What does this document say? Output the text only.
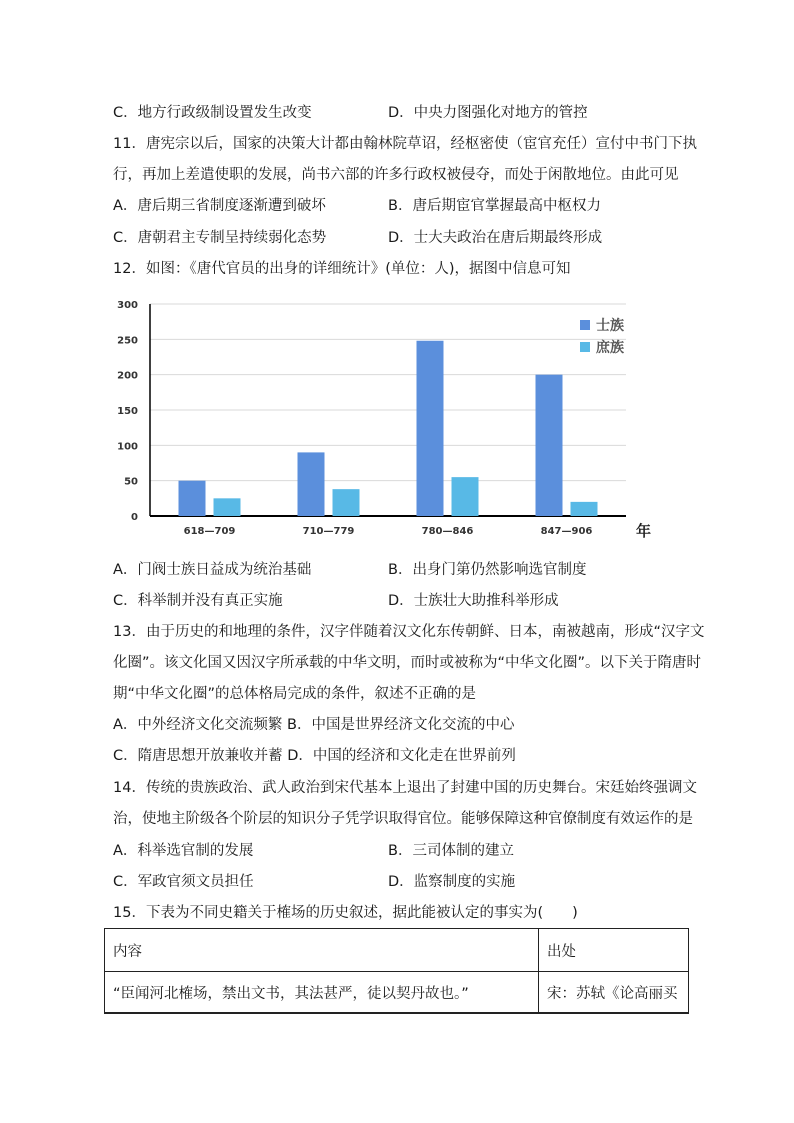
C．地方行政级制设置发生改变	D．中央力图强化对地方的管控
11．唐宪宗以后，国家的决策大计都由翰林院草诏，经枢密使（宦官充任）宣付中书门下执
行，再加上差遣使职的发展，尚书六部的许多行政权被侵夺，而处于闲散地位。由此可见
A．唐后期三省制度逐渐遭到破坏	B．唐后期宦官掌握最高中枢权力
C．唐朝君主专制呈持续弱化态势	D．士大夫政治在唐后期最终形成
12．如图：《唐代官员的出身的详细统计》(单位：人)，据图中信息可知
0
50
100
150
200
250
300
618—709	710—779	780—846	847—906
士族
庶族
年
A．门阀士族日益成为统治基础	B．出身门第仍然影响选官制度
C．科举制并没有真正实施	D．士族壮大助推科举形成
13．由于历史的和地理的条件，汉字伴随着汉文化东传朝鲜、日本，南被越南，形成“汉字文
化圈”。该文化国又因汉字所承载的中华文明，而时或被称为“中华文化圈”。以下关于隋唐时
期“中华文化圈”的总体格局完成的条件，叙述不正确的是
A．中外经济文化交流频繁 B．中国是世界经济文化交流的中心
C．隋唐思想开放兼收并蓄 D．中国的经济和文化走在世界前列
14．传统的贵族政治、武人政治到宋代基本上退出了封建中国的历史舞台。宋廷始终强调文
治，使地主阶级各个阶层的知识分子凭学识取得官位。能够保障这种官僚制度有效运作的是
A．科举选官制的发展	B．三司体制的建立
C．军政官须文员担任	D．监察制度的实施
15．下表为不同史籍关于榷场的历史叙述，据此能被认定的事实为(　　)
内容	出处
“臣闻河北榷场，禁出文书，其法甚严，徒以契丹故也。”	宋：苏轼《论高丽买
